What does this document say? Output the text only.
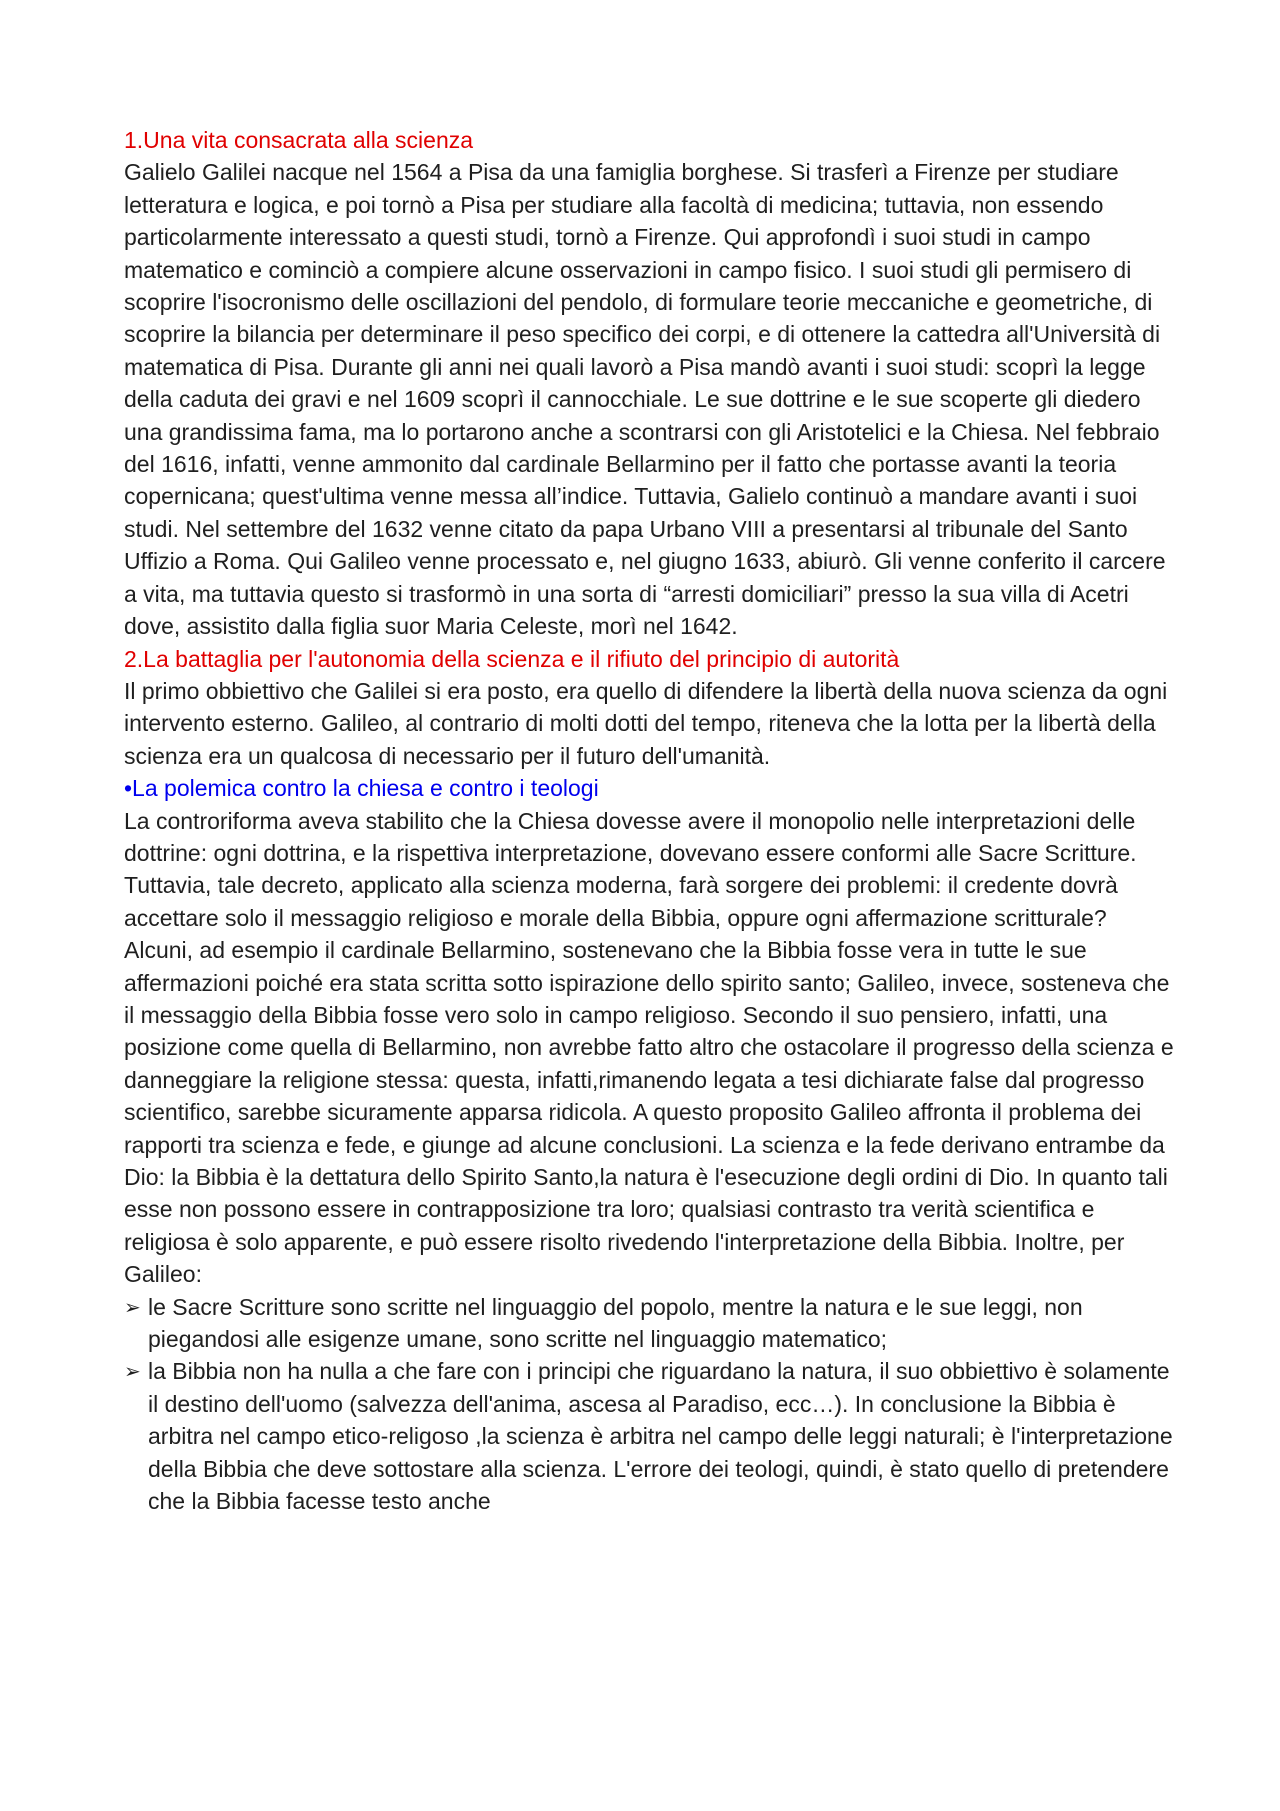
1.Una vita consacrata alla scienza

Galielo Galilei nacque nel 1564 a Pisa da una famiglia borghese. Si trasferì a Firenze per studiare letteratura e logica, e poi tornò a Pisa per studiare alla facoltà di medicina; tuttavia, non essendo particolarmente interessato a questi studi, tornò a Firenze. Qui approfondì i suoi studi in campo matematico e cominciò a compiere alcune osservazioni in campo fisico. I suoi studi gli permisero di scoprire l'isocronismo delle oscillazioni del pendolo, di formulare teorie meccaniche e geometriche, di scoprire la bilancia per determinare il peso specifico dei corpi, e di ottenere la cattedra all'Università di matematica di Pisa. Durante gli anni nei quali lavorò a Pisa mandò avanti i suoi studi: scoprì la legge della caduta dei gravi e nel 1609 scoprì il cannocchiale. Le sue dottrine e le sue scoperte gli diedero una grandissima fama, ma lo portarono anche a scontrarsi con gli Aristotelici e la Chiesa. Nel febbraio del 1616, infatti, venne ammonito dal cardinale Bellarmino per il fatto che portasse avanti la teoria copernicana; quest'ultima venne messa all’indice. Tuttavia, Galielo continuò a mandare avanti i suoi studi. Nel settembre del 1632 venne citato da papa Urbano VIII a presentarsi al tribunale del Santo Uffizio a Roma. Qui Galileo venne processato e, nel giugno 1633, abiurò. Gli venne conferito il carcere a vita, ma tuttavia questo si trasformò in una sorta di “arresti domiciliari” presso la sua villa di Acetri dove, assistito dalla figlia suor Maria Celeste, morì nel 1642.

2.La battaglia per l'autonomia della scienza e il rifiuto del principio di autorità

Il primo obbiettivo che Galilei si era posto, era quello di difendere la libertà della nuova scienza da ogni intervento esterno. Galileo, al contrario di molti dotti del tempo, riteneva che la lotta per la libertà della scienza era un qualcosa di necessario per il futuro dell'umanità.

•La polemica contro la chiesa e contro i teologi

La controriforma aveva stabilito che la Chiesa dovesse avere il monopolio nelle interpretazioni delle dottrine: ogni dottrina, e la rispettiva interpretazione, dovevano essere conformi alle Sacre Scritture. Tuttavia, tale decreto, applicato alla scienza moderna, farà sorgere dei problemi: il credente dovrà accettare solo il messaggio religioso e morale della Bibbia, oppure ogni affermazione scritturale?

Alcuni, ad esempio il cardinale Bellarmino, sostenevano che la Bibbia fosse vera in tutte le sue affermazioni poiché era stata scritta sotto ispirazione dello spirito santo; Galileo, invece, sosteneva che il messaggio della Bibbia fosse vero solo in campo religioso. Secondo il suo pensiero, infatti, una posizione come quella di Bellarmino, non avrebbe fatto altro che ostacolare il progresso della scienza e danneggiare la religione stessa: questa, infatti,rimanendo legata a tesi dichiarate false dal progresso scientifico, sarebbe sicuramente apparsa ridicola. A questo proposito Galileo affronta il problema dei rapporti tra scienza e fede, e giunge ad alcune conclusioni. La scienza e la fede derivano entrambe da Dio: la Bibbia è la dettatura dello Spirito Santo,la natura è l'esecuzione degli ordini di Dio. In quanto tali esse non possono essere in contrapposizione tra loro; qualsiasi contrasto tra verità scientifica e religiosa è solo apparente, e può essere risolto rivedendo l'interpretazione della Bibbia. Inoltre, per Galileo:

➢ le Sacre Scritture sono scritte nel linguaggio del popolo, mentre la natura e le sue leggi, non piegandosi alle esigenze umane, sono scritte nel linguaggio matematico;
➢ la Bibbia non ha nulla a che fare con i principi che riguardano la natura, il suo obbiettivo è solamente il destino dell'uomo (salvezza dell'anima, ascesa al Paradiso, ecc…). In conclusione la Bibbia è arbitra nel campo etico-religoso ,la scienza è arbitra nel campo delle leggi naturali; è l'interpretazione della Bibbia che deve sottostare alla scienza. L'errore dei teologi, quindi, è stato quello di pretendere che la Bibbia facesse testo anche
